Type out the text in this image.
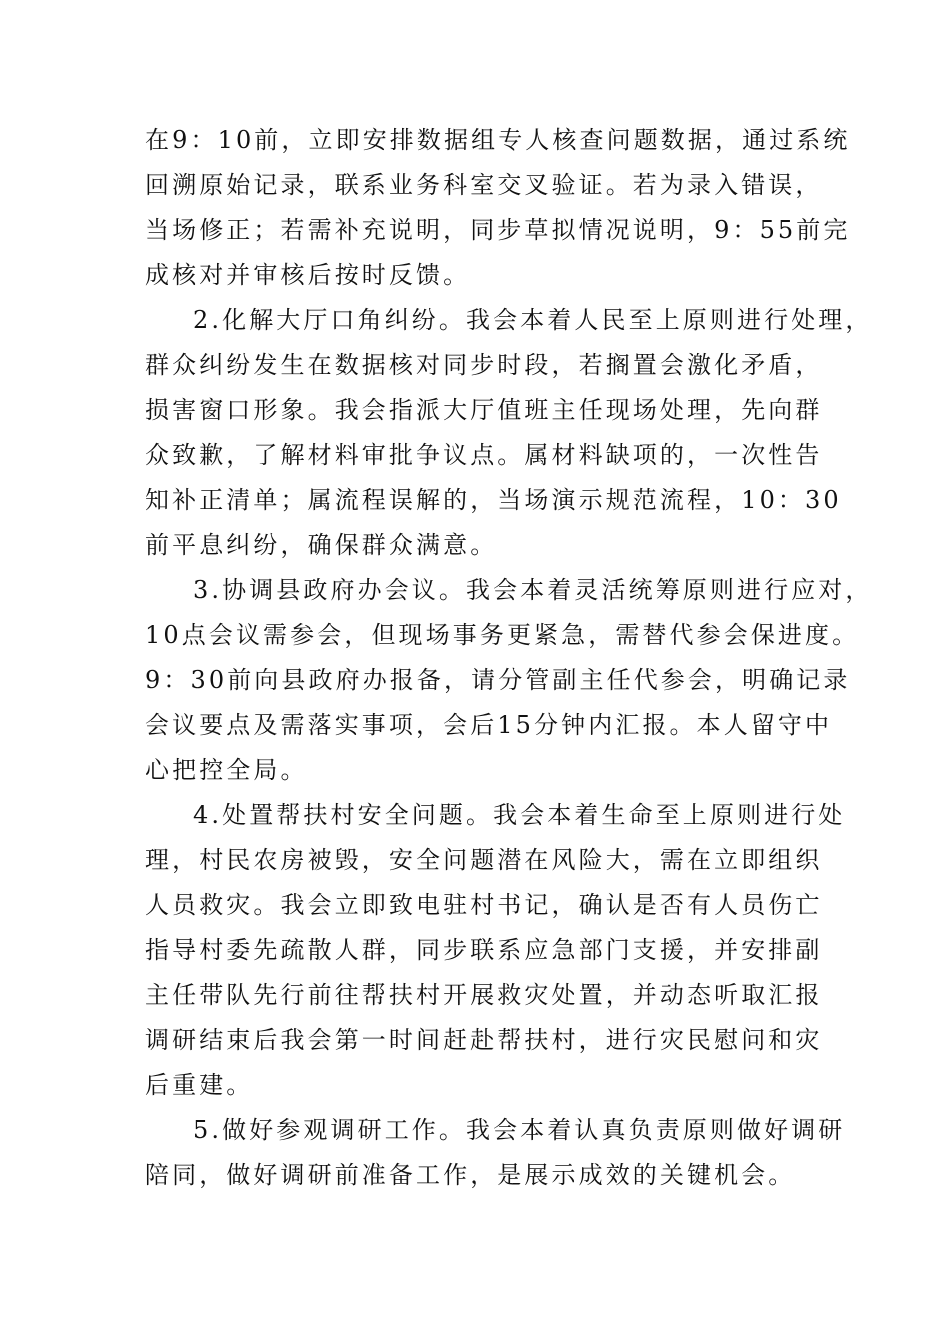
在9：10前，立即安排数据组专人核查问题数据，通过系统
回溯原始记录，联系业务科室交叉验证。若为录入错误，
当场修正；若需补充说明，同步草拟情况说明，9：55前完
成核对并审核后按时反馈。
2.化解大厅口角纠纷。我会本着人民至上原则进行处理，
群众纠纷发生在数据核对同步时段，若搁置会激化矛盾，
损害窗口形象。我会指派大厅值班主任现场处理，先向群
众致歉，了解材料审批争议点。属材料缺项的，一次性告
知补正清单；属流程误解的，当场演示规范流程，10：30
前平息纠纷，确保群众满意。
3.协调县政府办会议。我会本着灵活统筹原则进行应对，
10点会议需参会，但现场事务更紧急，需替代参会保进度。
9：30前向县政府办报备，请分管副主任代参会，明确记录
会议要点及需落实事项，会后15分钟内汇报。本人留守中
心把控全局。
4.处置帮扶村安全问题。我会本着生命至上原则进行处
理，村民农房被毁，安全问题潜在风险大，需在立即组织
人员救灾。我会立即致电驻村书记，确认是否有人员伤亡
指导村委先疏散人群，同步联系应急部门支援，并安排副
主任带队先行前往帮扶村开展救灾处置，并动态听取汇报
调研结束后我会第一时间赶赴帮扶村，进行灾民慰问和灾
后重建。
5.做好参观调研工作。我会本着认真负责原则做好调研
陪同，做好调研前准备工作，是展示成效的关键机会。
